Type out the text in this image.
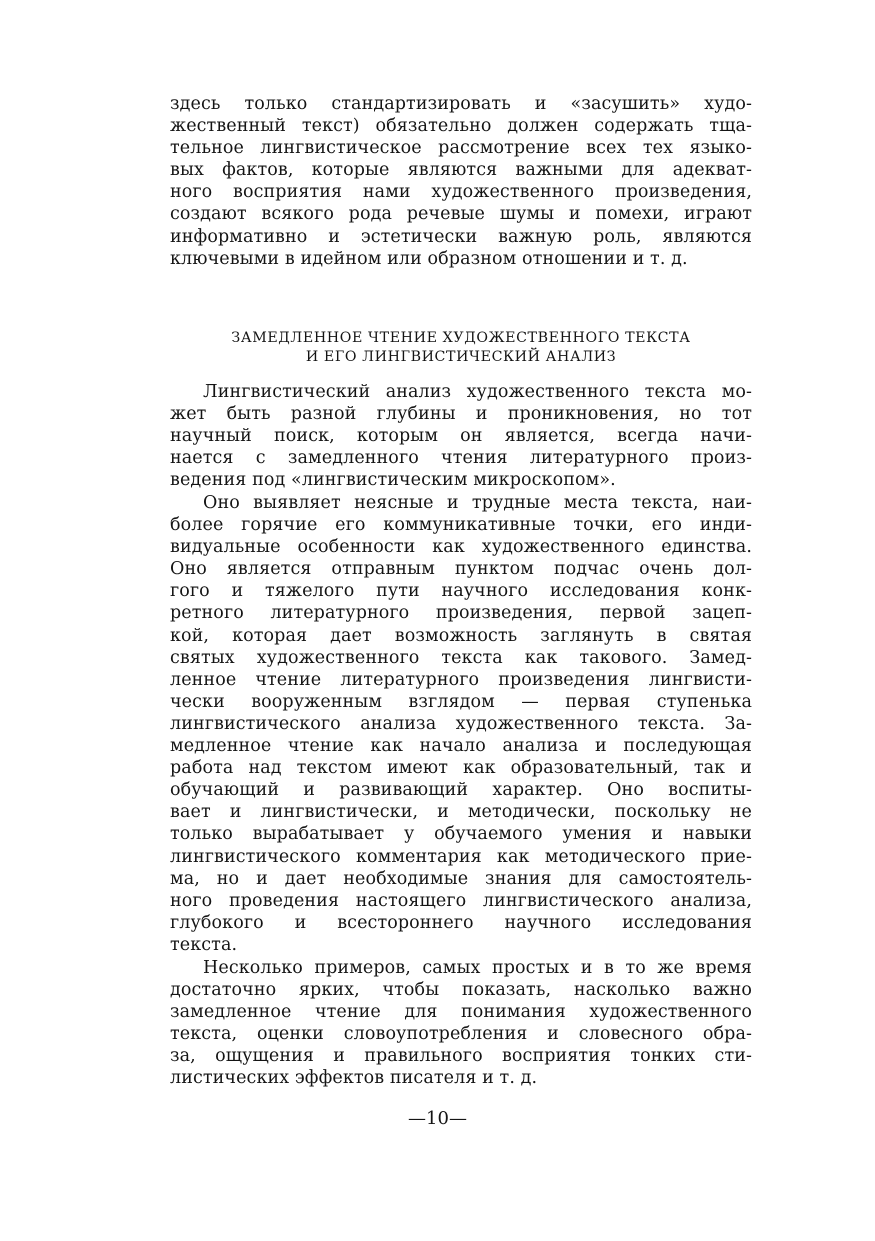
здесь только стандартизировать и «засушить» худо-
жественный текст) обязательно должен содержать тща-
тельное лингвистическое рассмотрение всех тех языко-
вых фактов, которые являются важными для адекват-
ного восприятия нами художественного произведения,
создают всякого рода речевые шумы и помехи, играют
информативно и эстетически важную роль, являются
ключевыми в идейном или образном отношении и т. д.
ЗАМЕДЛЕННОЕ ЧТЕНИЕ ХУДОЖЕСТВЕННОГО ТЕКСТА
И ЕГО ЛИНГВИСТИЧЕСКИЙ АНАЛИЗ
Лингвистический анализ художественного текста мо-
жет быть разной глубины и проникновения, но тот
научный поиск, которым он является, всегда начи-
нается с замедленного чтения литературного произ-
ведения под «лингвистическим микроскопом».
Оно выявляет неясные и трудные места текста, наи-
более горячие его коммуникативные точки, его инди-
видуальные особенности как художественного единства.
Оно является отправным пунктом подчас очень дол-
гого и тяжелого пути научного исследования конк-
ретного литературного произведения, первой зацеп-
кой, которая дает возможность заглянуть в святая
святых художественного текста как такового. Замед-
ленное чтение литературного произведения лингвисти-
чески вооруженным взглядом — первая ступенька
лингвистического анализа художественного текста. За-
медленное чтение как начало анализа и последующая
работа над текстом имеют как образовательный, так и
обучающий и развивающий характер. Оно воспиты-
вает и лингвистически, и методически, поскольку не
только вырабатывает у обучаемого умения и навыки
лингвистического комментария как методического прие-
ма, но и дает необходимые знания для самостоятель-
ного проведения настоящего лингвистического анализа,
глубокого и всестороннего научного исследования
текста.
Несколько примеров, самых простых и в то же время
достаточно ярких, чтобы показать, насколько важно
замедленное чтение для понимания художественного
текста, оценки словоупотребления и словесного обра-
за, ощущения и правильного восприятия тонких сти-
листических эффектов писателя и т. д.
—10—
